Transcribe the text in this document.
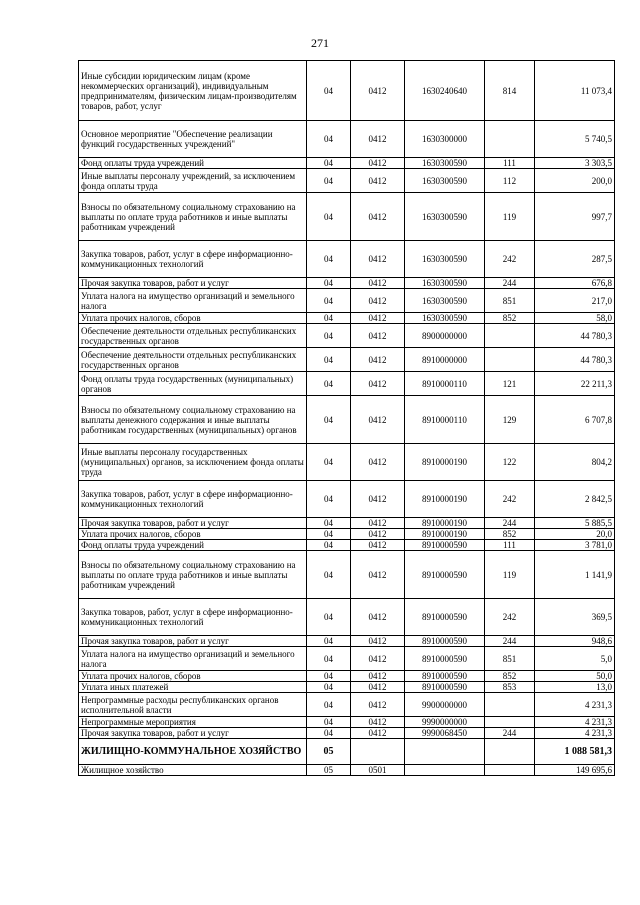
271
Иные субсидии юридическим лицам (кроме некоммерческих организаций), индивидуальным предпринимателям, физическим лицам-производителям товаров, работ, услуг	04	0412	1630240640	814	11 073,4
Основное мероприятие "Обеспечение реализации функций государственных учреждений"	04	0412	1630300000		5 740,5
Фонд оплаты труда учреждений	04	0412	1630300590	111	3 303,5
Иные выплаты персоналу учреждений, за исключением фонда оплаты труда	04	0412	1630300590	112	200,0
Взносы по обязательному социальному страхованию на выплаты по оплате труда работников и иные выплаты работникам учреждений	04	0412	1630300590	119	997,7
Закупка товаров, работ, услуг в сфере информационно-коммуникационных технологий	04	0412	1630300590	242	287,5
Прочая закупка товаров, работ и услуг	04	0412	1630300590	244	676,8
Уплата налога на имущество организаций и земельного налога	04	0412	1630300590	851	217,0
Уплата прочих налогов, сборов	04	0412	1630300590	852	58,0
Обеспечение деятельности отдельных республиканских государственных органов	04	0412	8900000000		44 780,3
Обеспечение деятельности отдельных республиканских государственных органов	04	0412	8910000000		44 780,3
Фонд оплаты труда государственных (муниципальных) органов	04	0412	8910000110	121	22 211,3
Взносы по обязательному социальному страхованию на выплаты денежного содержания и иные выплаты работникам государственных (муниципальных) органов	04	0412	8910000110	129	6 707,8
Иные выплаты персоналу государственных (муниципальных) органов, за исключением фонда оплаты труда	04	0412	8910000190	122	804,2
Закупка товаров, работ, услуг в сфере информационно-коммуникационных технологий	04	0412	8910000190	242	2 842,5
Прочая закупка товаров, работ и услуг	04	0412	8910000190	244	5 885,5
Уплата прочих налогов, сборов	04	0412	8910000190	852	20,0
Фонд оплаты труда учреждений	04	0412	8910000590	111	3 781,0
Взносы по обязательному социальному страхованию на выплаты по оплате труда работников и иные выплаты работникам учреждений	04	0412	8910000590	119	1 141,9
Закупка товаров, работ, услуг в сфере информационно-коммуникационных технологий	04	0412	8910000590	242	369,5
Прочая закупка товаров, работ и услуг	04	0412	8910000590	244	948,6
Уплата налога на имущество организаций и земельного налога	04	0412	8910000590	851	5,0
Уплата прочих налогов, сборов	04	0412	8910000590	852	50,0
Уплата иных платежей	04	0412	8910000590	853	13,0
Непрограммные расходы республиканских органов исполнительной власти	04	0412	9900000000		4 231,3
Непрограммные мероприятия	04	0412	9990000000		4 231,3
Прочая закупка товаров, работ и услуг	04	0412	9990068450	244	4 231,3
ЖИЛИЩНО-КОММУНАЛЬНОЕ ХОЗЯЙСТВО	05				1 088 581,3
Жилищное хозяйство	05	0501			149 695,6
